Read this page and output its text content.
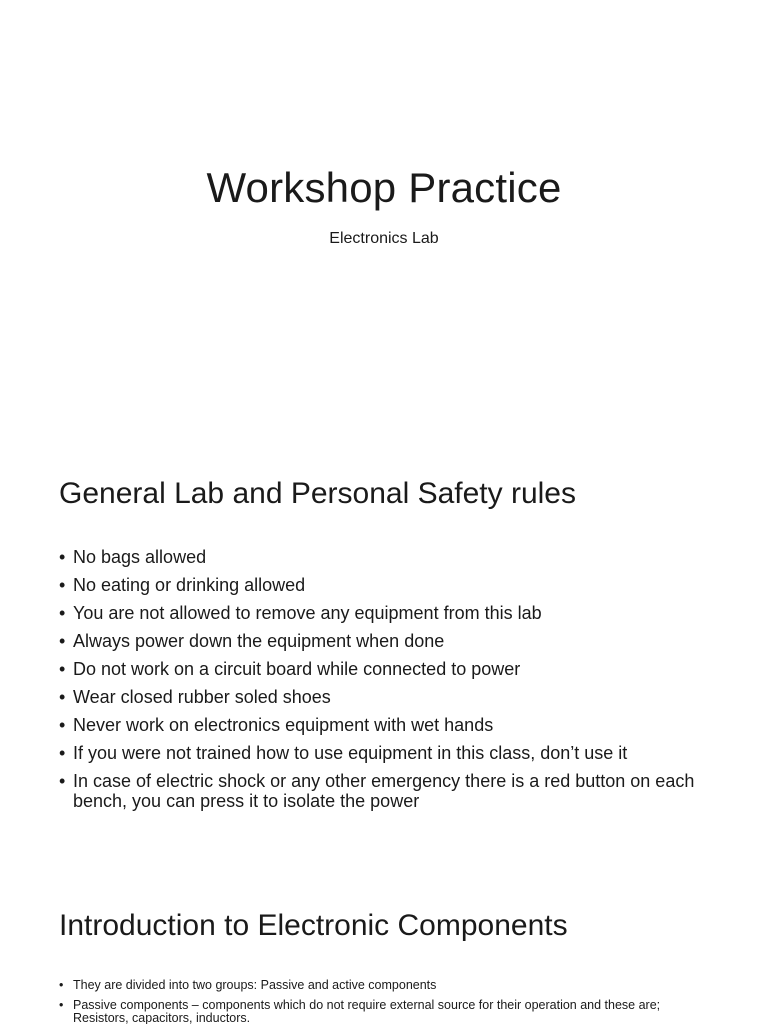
Workshop Practice

Electronics Lab

General Lab and Personal Safety rules
• No bags allowed
• No eating or drinking allowed
• You are not allowed to remove any equipment from this lab
• Always power down the equipment when done
• Do not work on a circuit board while connected to power
• Wear closed rubber soled shoes
• Never work on electronics equipment with wet hands
• If you were not trained how to use equipment in this class, don’t use it
• In case of electric shock or any other emergency there is a red button on each bench, you can press it to isolate the power
Introduction to Electronic Components
• They are divided into two groups: Passive and active components
• Passive components – components which do not require external source for their operation and these are; Resistors, capacitors, inductors.
